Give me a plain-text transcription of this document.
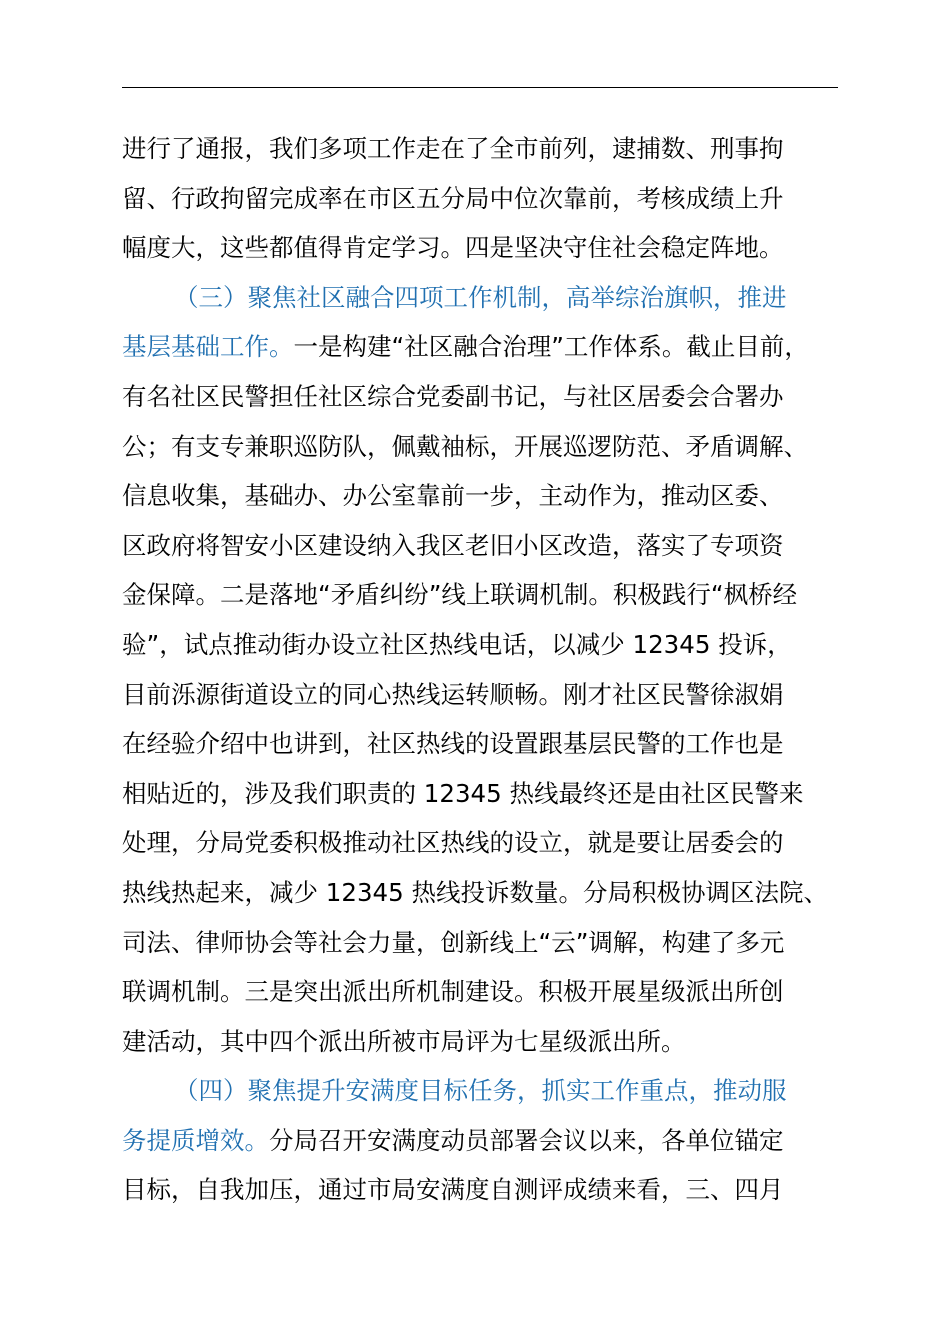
进行了通报，我们多项工作走在了全市前列，逮捕数、刑事拘
留、行政拘留完成率在市区五分局中位次靠前，考核成绩上升
幅度大，这些都值得肯定学习。四是坚决守住社会稳定阵地。
（三）聚焦社区融合四项工作机制，高举综治旗帜，推进
基层基础工作。一是构建“社区融合治理”工作体系。截止目前，
有名社区民警担任社区综合党委副书记，与社区居委会合署办
公；有支专兼职巡防队，佩戴袖标，开展巡逻防范、矛盾调解、
信息收集，基础办、办公室靠前一步，主动作为，推动区委、
区政府将智安小区建设纳入我区老旧小区改造，落实了专项资
金保障。二是落地“矛盾纠纷”线上联调机制。积极践行“枫桥经
验”，试点推动街办设立社区热线电话，以减少 12345 投诉，
目前泺源街道设立的同心热线运转顺畅。刚才社区民警徐淑娟
在经验介绍中也讲到，社区热线的设置跟基层民警的工作也是
相贴近的，涉及我们职责的 12345 热线最终还是由社区民警来
处理，分局党委积极推动社区热线的设立，就是要让居委会的
热线热起来，减少 12345 热线投诉数量。分局积极协调区法院、
司法、律师协会等社会力量，创新线上“云”调解，构建了多元
联调机制。三是突出派出所机制建设。积极开展星级派出所创
建活动，其中四个派出所被市局评为七星级派出所。
（四）聚焦提升安满度目标任务，抓实工作重点，推动服
务提质增效。分局召开安满度动员部署会议以来，各单位锚定
目标，自我加压，通过市局安满度自测评成绩来看，三、四月
